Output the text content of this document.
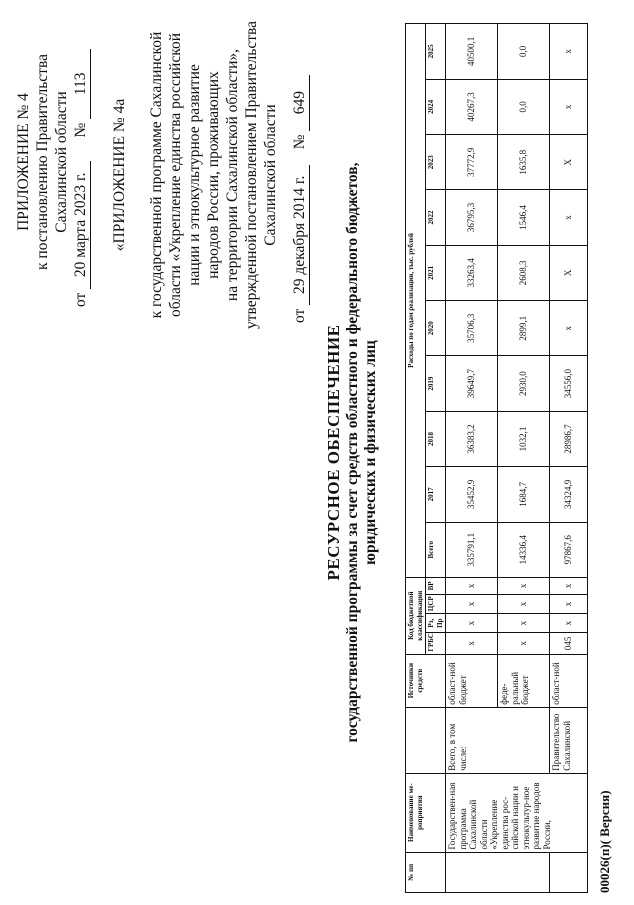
ПРИЛОЖЕНИЕ № 4 к постановлению Правительства Сахалинской области
от 20 марта 2023 г.      № 113
«ПРИЛОЖЕНИЕ № 4а к государственной программе Сахалинской области «Укрепление единства российской нации и этнокультурное развитие народов России, проживающих на территории Сахалинской области», утвержденной постановлением Правительства Сахалинской области
от 29 декабря 2014 г.    № 649
РЕСУРСНОЕ ОБЕСПЕЧЕНИЕ государственной программы за счет средств областного и федерального бюджетов, юридических и физических лиц
№ пп	Наименование ме-роприятия		Источники средств	Код бюджетной классификации				Расходы по годам реализации, тыс. рублей									
				ГРБС	Рз, Пр	ЦСР	ВР	Всего	2017	2018	2019	2020	2021	2022	2023	2024	2025
	Государствен-ная программа Сахалинской области «Укрепление единства рос-сийской нации и этнокультур-ное развитие народов России,	Всего, в том числе:	област-ной бюджет	х	х	х	х	335791,1	35452,9	36383,2	39649,7	35706,3	33263,4	36795,3	37772,9	40267,3	40500,1
			феде-ральный бюджет	х	х	х	х	14336,4	1684,7	1032,1	2930,0	2899,1	2608,3	1546,4	1635,8	0,0	0,0
		Правительство Сахалинской	област-ной	045	х	х	х	97867,6	34324,9	28986,7	34556,0	х	Х	х	Х	х	х
00026(п)( Версия)
